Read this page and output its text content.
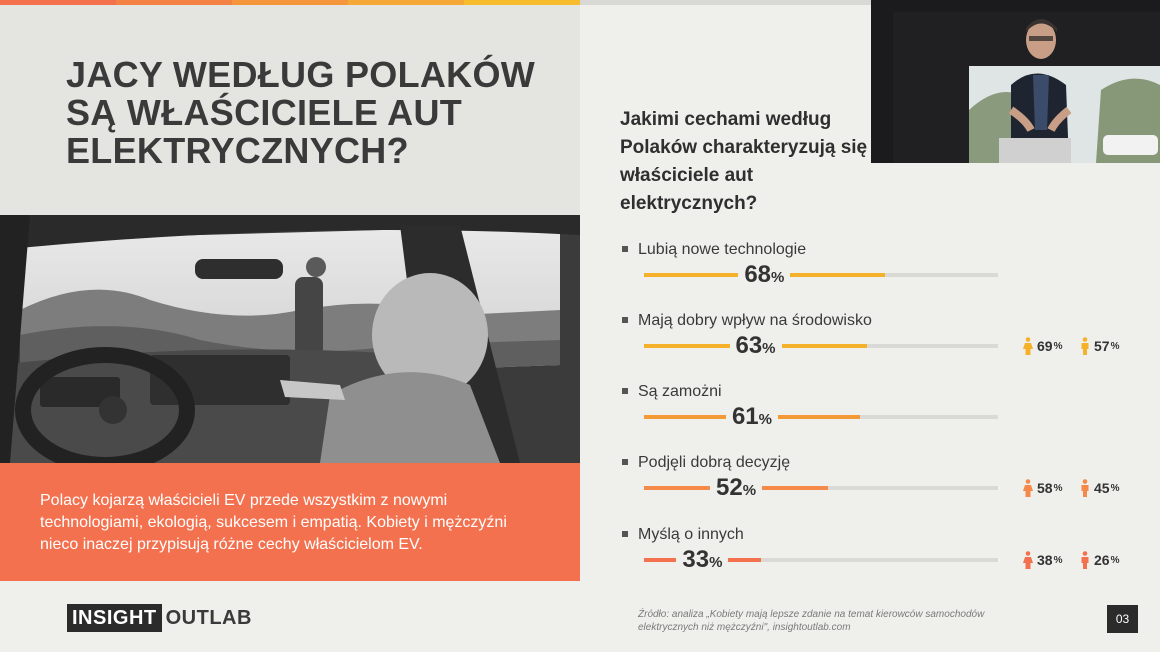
JACY WEDŁUG POLAKÓW SĄ WŁAŚCICIELE AUT ELEKTRYCZNYCH?

Polacy kojarzą właścicieli EV przede wszystkim z nowymi technologiami, ekologią, sukcesem i empatią. Kobiety i mężczyźni nieco inaczej przypisują różne cechy właścicielom EV.

INSIGHT OUTLAB

Jakimi cechami według Polaków charakteryzują się właściciele aut elektrycznych?

Lubią nowe technologie
68%
Mają dobry wpływ na środowisko
63%	69 % 57 %
Są zamożni
61%
Podjęli dobrą decyzję
52%	58 % 45 %
Myślą o innych
33%	38 % 26 %

Źródło: analiza „Kobiety mają lepsze zdanie na temat kierowców samochodów elektrycznych niż mężczyźni", insightoutlab.com

03
